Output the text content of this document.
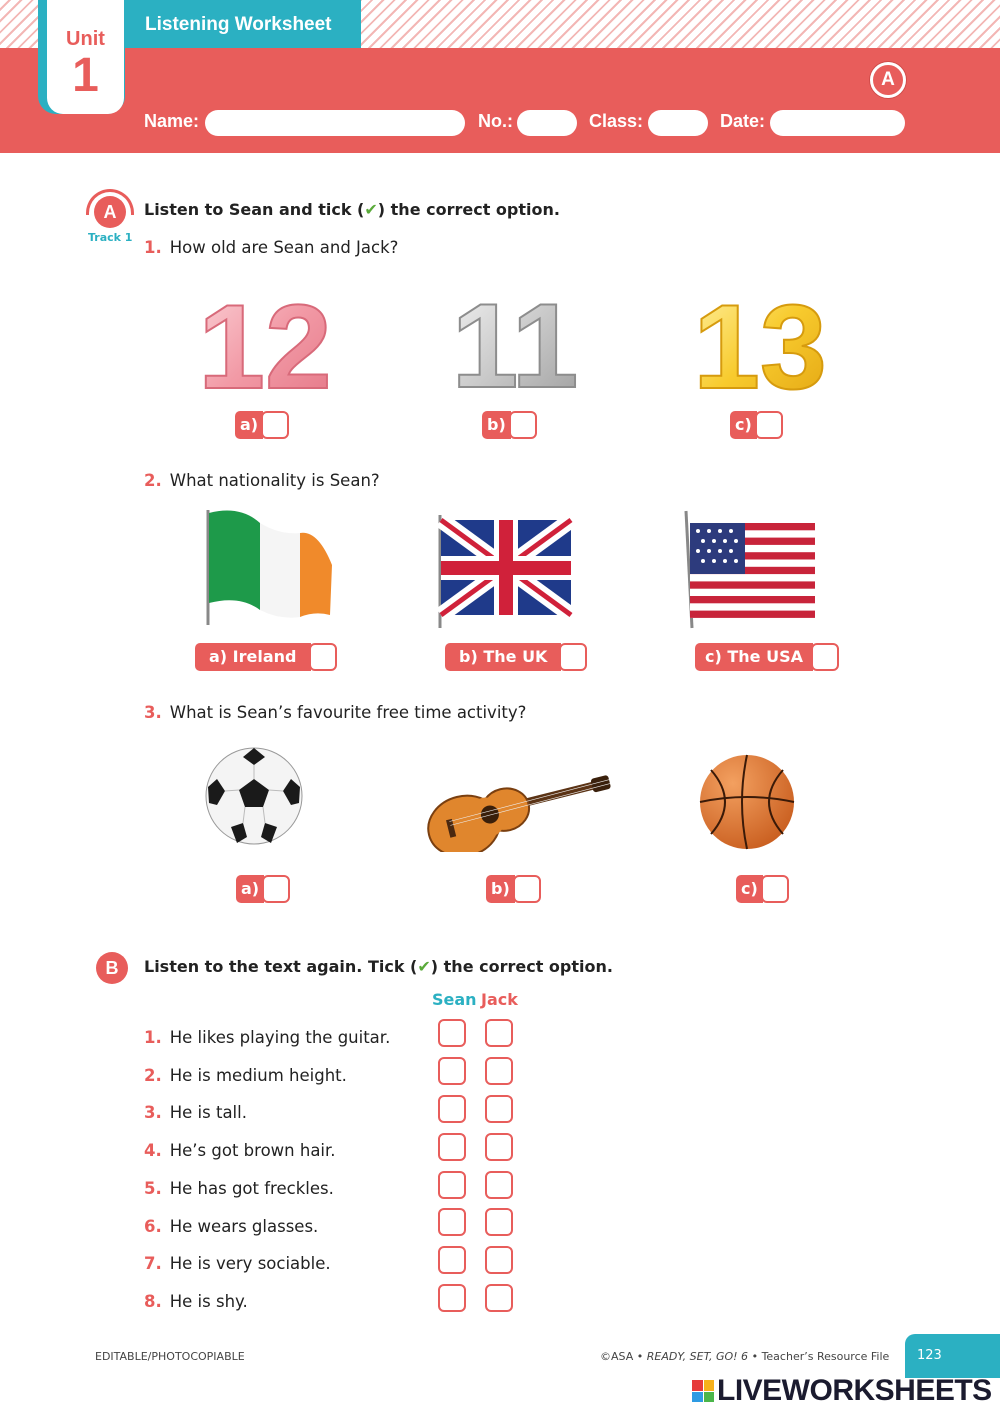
Listening Worksheet
Unit
1	A
Name:	No.:	Class:	Date:
A
Track 1
Listen to Sean and tick (✔) the correct option.
1. How old are Sean and Jack?
12 11 13
a)	b)	c)
2. What nationality is Sean?
a) Ireland	b) The UK	c) The USA
3. What is Sean’s favourite free time activity?
a)	b)	c)
B	Listen to the text again. Tick (✔) the correct option.
Sean Jack
1. He likes playing the guitar.
2. He is medium height.
3. He is tall.
4. He’s got brown hair.
5. He has got freckles.
6. He wears glasses.
7. He is very sociable.
8. He is shy.
EDITABLE/PHOTOCOPIABLE	©ASA • READY, SET, GO! 6 • Teacher’s Resource File	123
LIVEWORKSHEETS
